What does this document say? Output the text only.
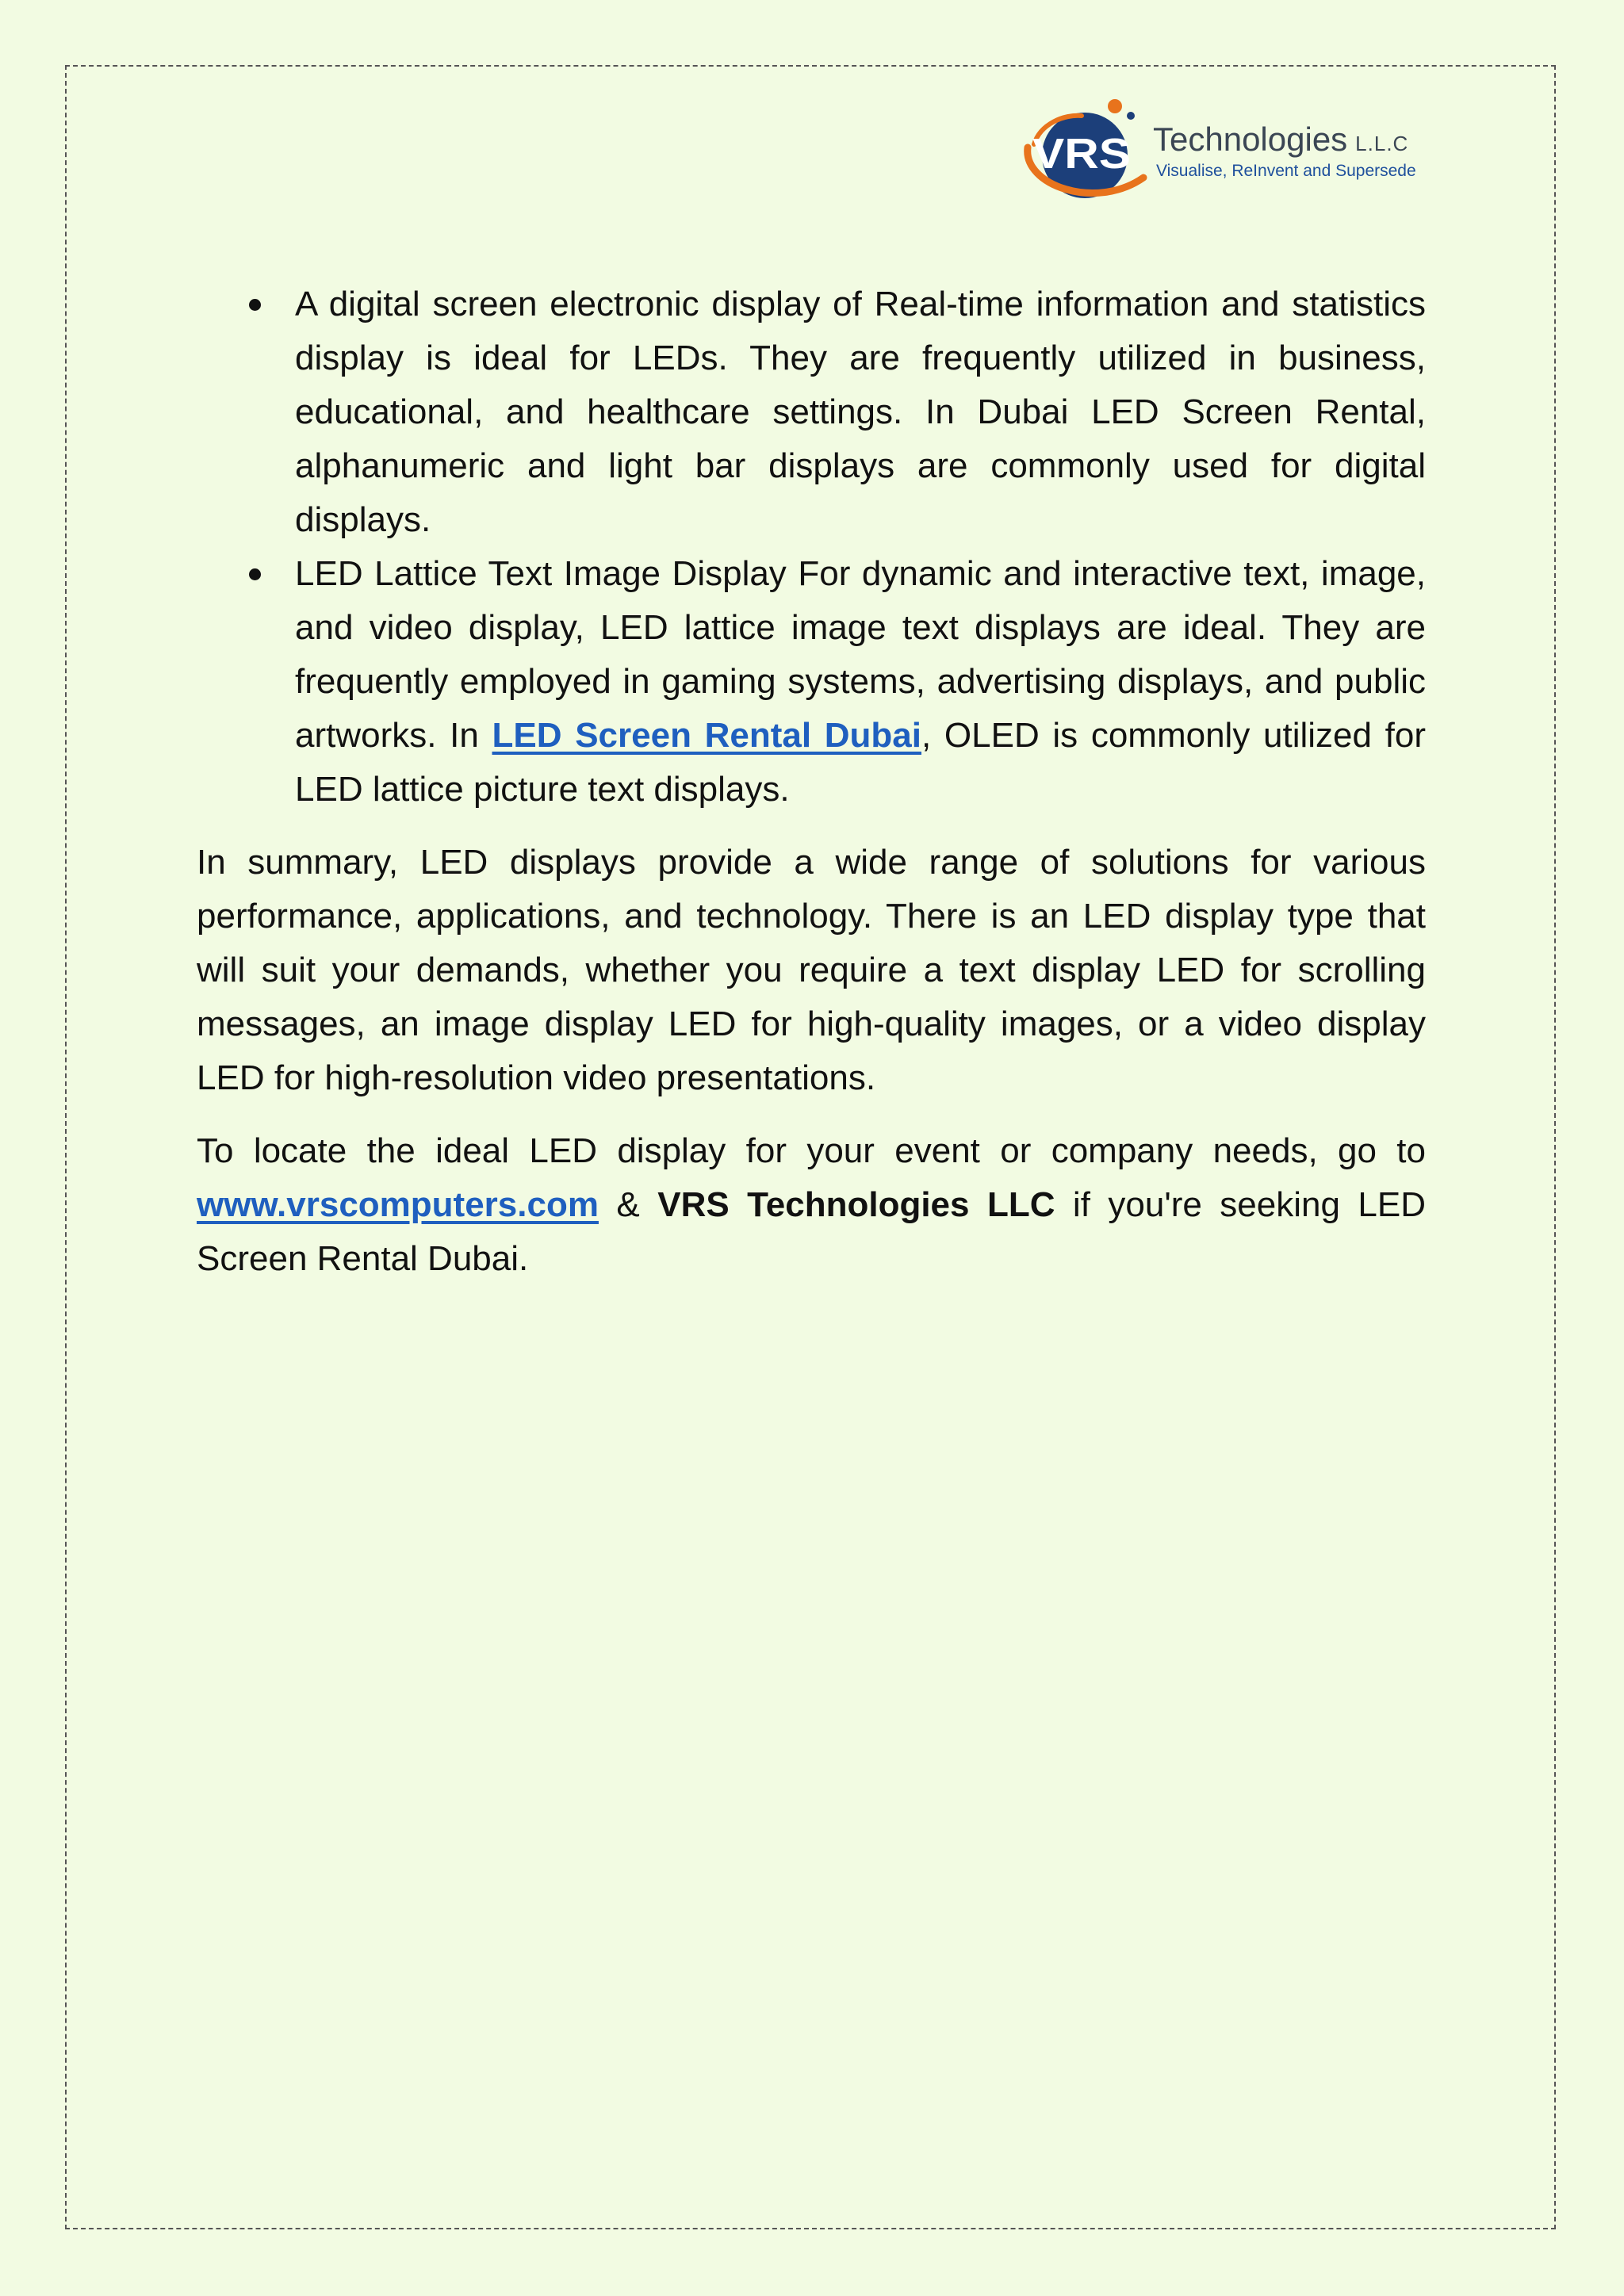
VRS Technologies L.L.C
Visualise, ReInvent and Supersede
A digital screen electronic display of Real-time information and statistics display is ideal for LEDs. They are frequently utilized in business, educational, and healthcare settings. In Dubai LED Screen Rental, alphanumeric and light bar displays are commonly used for digital displays.
LED Lattice Text Image Display For dynamic and interactive text, image, and video display, LED lattice image text displays are ideal. They are frequently employed in gaming systems, advertising displays, and public artworks. In LED Screen Rental Dubai, OLED is commonly utilized for LED lattice picture text displays.

In summary, LED displays provide a wide range of solutions for various performance, applications, and technology. There is an LED display type that will suit your demands, whether you require a text display LED for scrolling messages, an image display LED for high-quality images, or a video display LED for high-resolution video presentations.

To locate the ideal LED display for your event or company needs, go to www.vrscomputers.com & VRS Technologies LLC if you're seeking LED Screen Rental Dubai.
